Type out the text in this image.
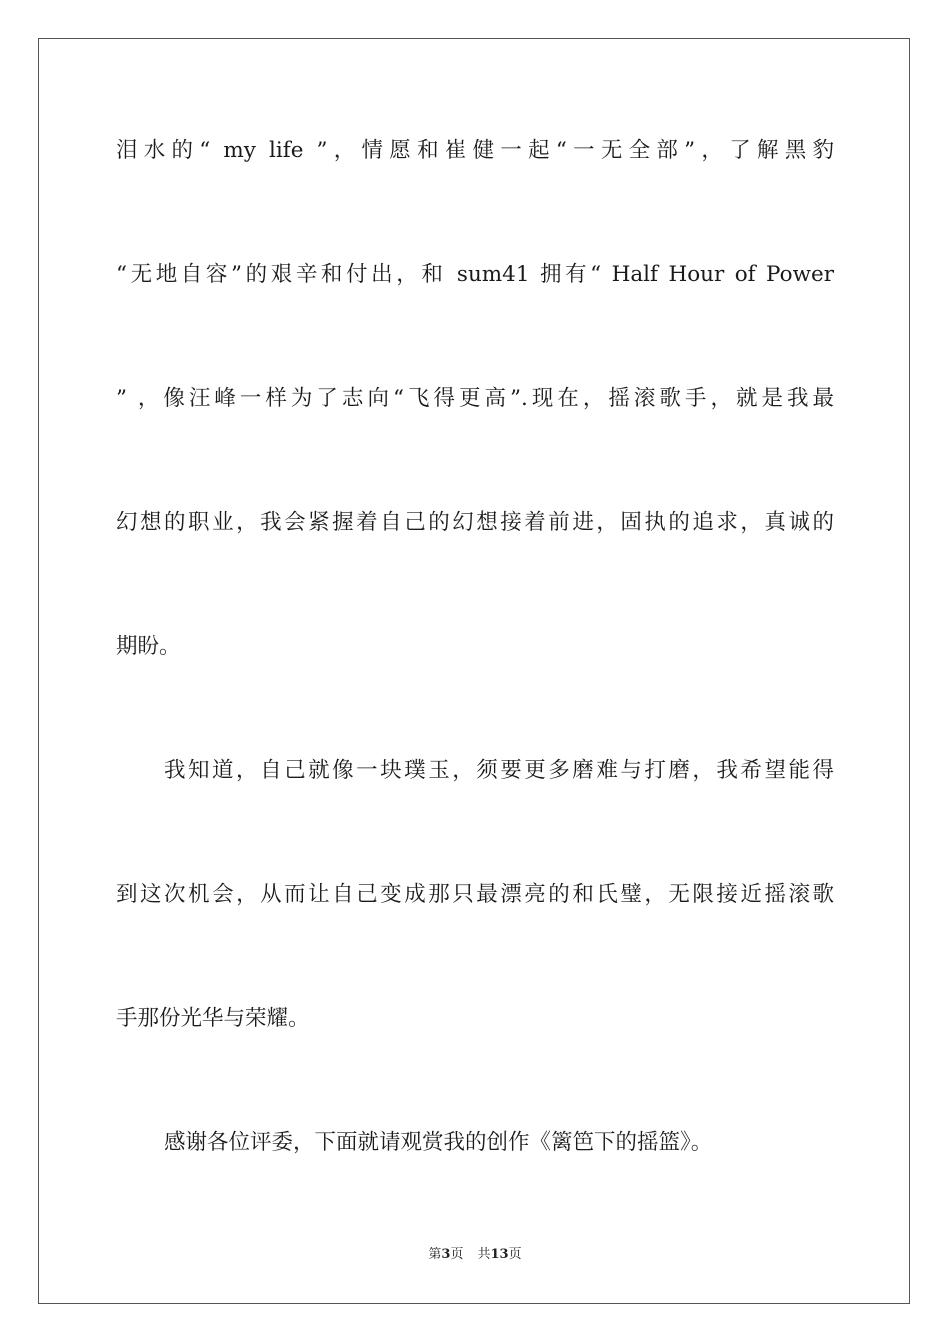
泪水的“ my life ”，情愿和崔健一起“一无全部”，了解黑豹
“无地自容”的艰辛和付出，和 sum41 拥有“ Half Hour of Power
” ，像汪峰一样为了志向“飞得更高”.现在，摇滚歌手，就是我最
幻想的职业，我会紧握着自己的幻想接着前进，固执的追求，真诚的
期盼。
我知道，自己就像一块璞玉，须要更多磨难与打磨，我希望能得
到这次机会，从而让自己变成那只最漂亮的和氏璧，无限接近摇滚歌
手那份光华与荣耀。
感谢各位评委，下面就请观赏我的创作《篱笆下的摇篮》。
第3页 共13页
